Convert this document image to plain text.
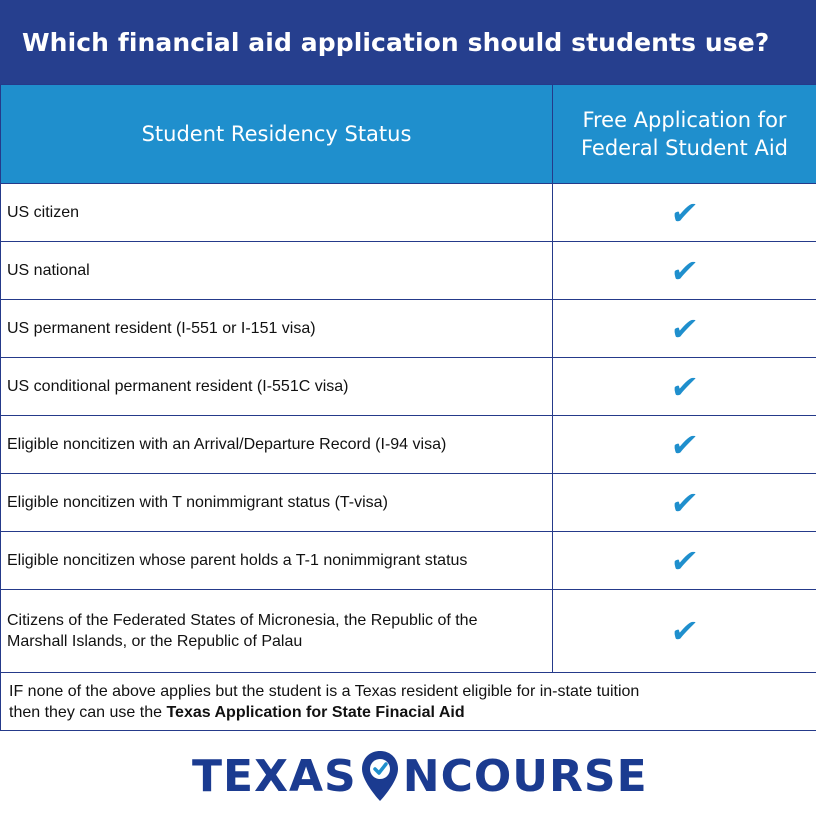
Which financial aid application should students use?
Student Residency Status	Free Application for Federal Student Aid
US citizen	✔
US national	✔
US permanent resident (I-551 or I-151 visa)	✔
US conditional permanent resident (I-551C visa)	✔
Eligible noncitizen with an Arrival/Departure Record (I-94 visa)	✔
Eligible noncitizen with T nonimmigrant status (T-visa)	✔
Eligible noncitizen whose parent holds a T-1 nonimmigrant status	✔
Citizens of the Federated States of Micronesia, the Republic of the Marshall Islands, or the Republic of Palau	✔

IF none of the above applies but the student is a Texas resident eligible for in-state tuition
then they can use the Texas Application for State Finacial Aid	
TEXAS NCOURSE
